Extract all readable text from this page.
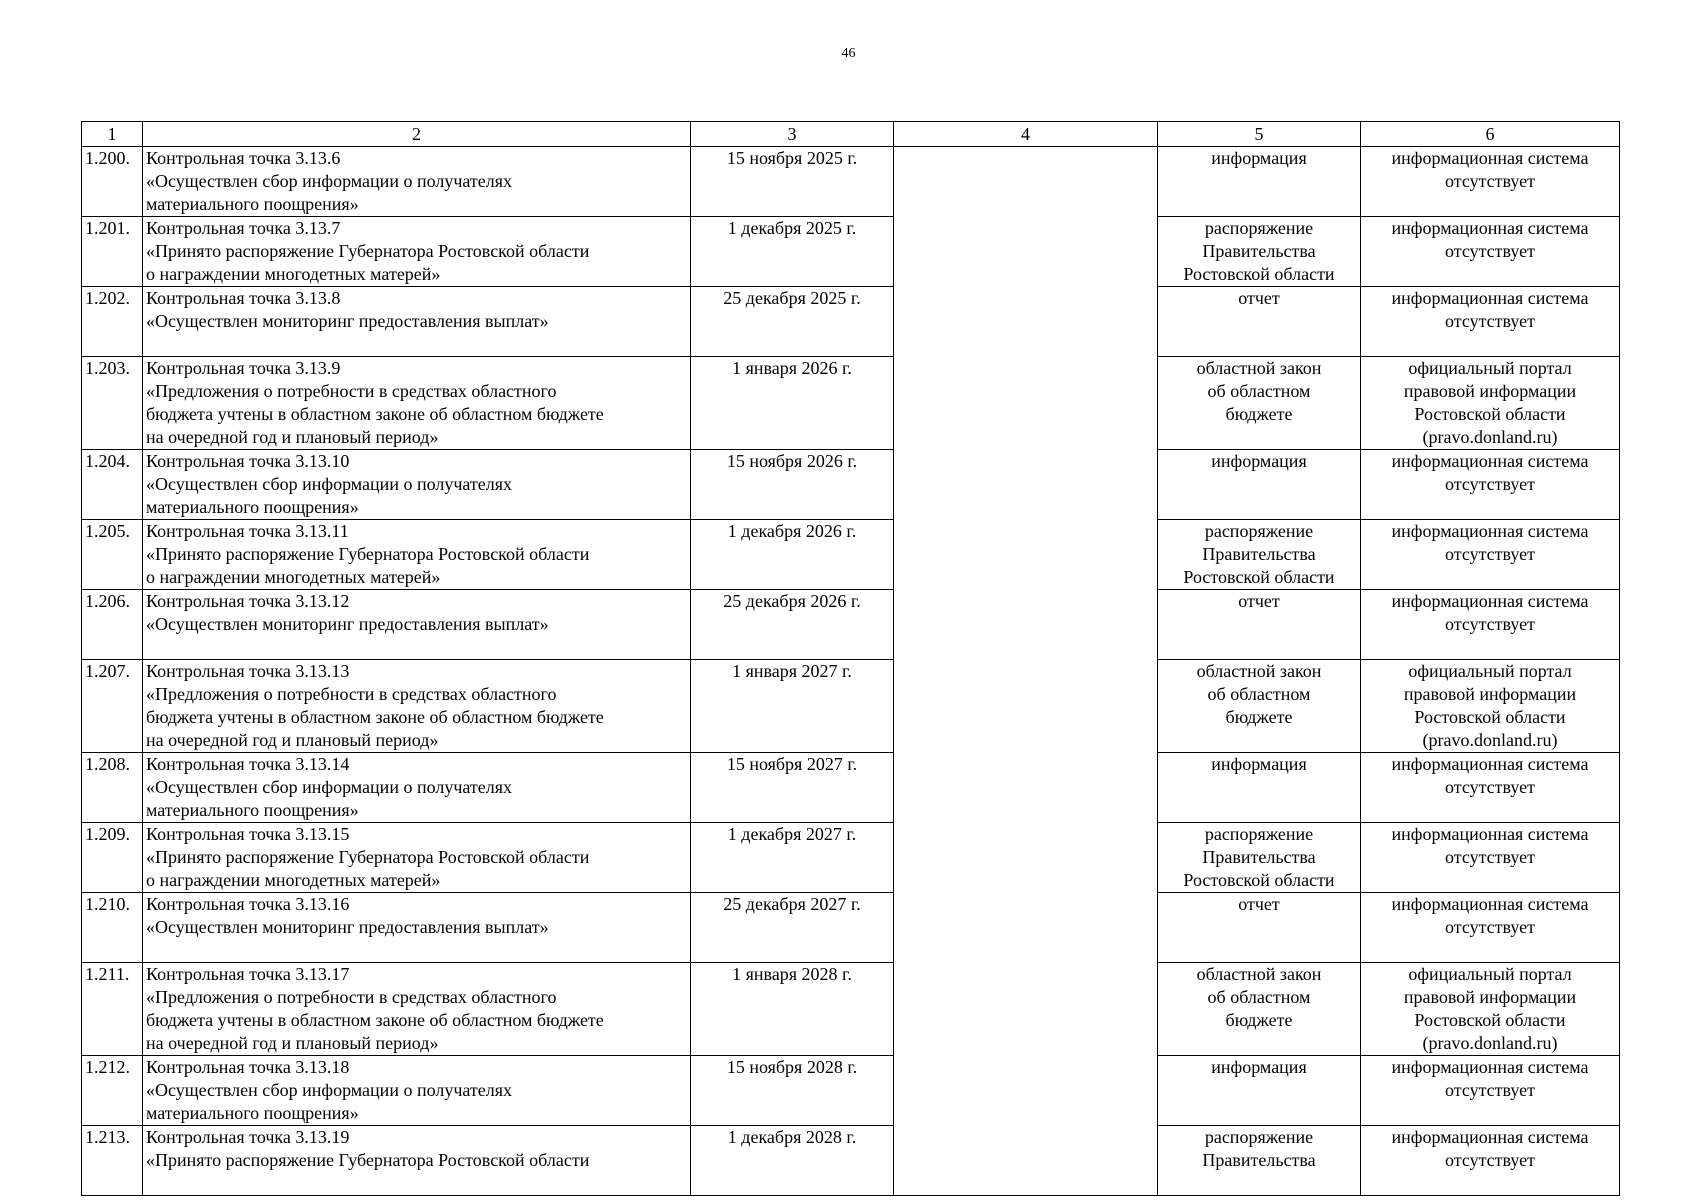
46
1	2	3	4	5	6
1.200.	Контрольная точка 3.13.6
«Осуществлен сбор информации о получателях
материального поощрения»	15 ноября 2025 г.		информация	информационная система
отсутствует

1.201.	Контрольная точка 3.13.7
«Принято распоряжение Губернатора Ростовской области
о награждении многодетных матерей»	1 декабря 2025 г.		распоряжение
Правительства
Ростовской области	информационная система
отсутствует

1.202.	Контрольная точка 3.13.8
«Осуществлен мониторинг предоставления выплат»	25 декабря 2025 г.		отчет	информационная система
отсутствует

1.203.	Контрольная точка 3.13.9
«Предложения о потребности в средствах областного
бюджета учтены в областном законе об областном бюджете
на очередной год и плановый период»	1 января 2026 г.		областной закон
об областном
бюджете	официальный портал
правовой информации
Ростовской области
(pravo.donland.ru)

1.204.	Контрольная точка 3.13.10
«Осуществлен сбор информации о получателях
материального поощрения»	15 ноября 2026 г.		информация	информационная система
отсутствует

1.205.	Контрольная точка 3.13.11
«Принято распоряжение Губернатора Ростовской области
о награждении многодетных матерей»	1 декабря 2026 г.		распоряжение
Правительства
Ростовской области	информационная система
отсутствует

1.206.	Контрольная точка 3.13.12
«Осуществлен мониторинг предоставления выплат»	25 декабря 2026 г.		отчет	информационная система
отсутствует

1.207.	Контрольная точка 3.13.13
«Предложения о потребности в средствах областного
бюджета учтены в областном законе об областном бюджете
на очередной год и плановый период»	1 января 2027 г.		областной закон
об областном
бюджете	официальный портал
правовой информации
Ростовской области
(pravo.donland.ru)

1.208.	Контрольная точка 3.13.14
«Осуществлен сбор информации о получателях
материального поощрения»	15 ноября 2027 г.		информация	информационная система
отсутствует

1.209.	Контрольная точка 3.13.15
«Принято распоряжение Губернатора Ростовской области
о награждении многодетных матерей»	1 декабря 2027 г.		распоряжение
Правительства
Ростовской области	информационная система
отсутствует

1.210.	Контрольная точка 3.13.16
«Осуществлен мониторинг предоставления выплат»	25 декабря 2027 г.		отчет	информационная система
отсутствует

1.211.	Контрольная точка 3.13.17
«Предложения о потребности в средствах областного
бюджета учтены в областном законе об областном бюджете
на очередной год и плановый период»	1 января 2028 г.		областной закон
об областном
бюджете	официальный портал
правовой информации
Ростовской области
(pravo.donland.ru)

1.212.	Контрольная точка 3.13.18
«Осуществлен сбор информации о получателях
материального поощрения»	15 ноября 2028 г.		информация	информационная система
отсутствует

1.213.	Контрольная точка 3.13.19
«Принято распоряжение Губернатора Ростовской области	1 декабря 2028 г.		распоряжение
Правительства	информационная система
отсутствует
